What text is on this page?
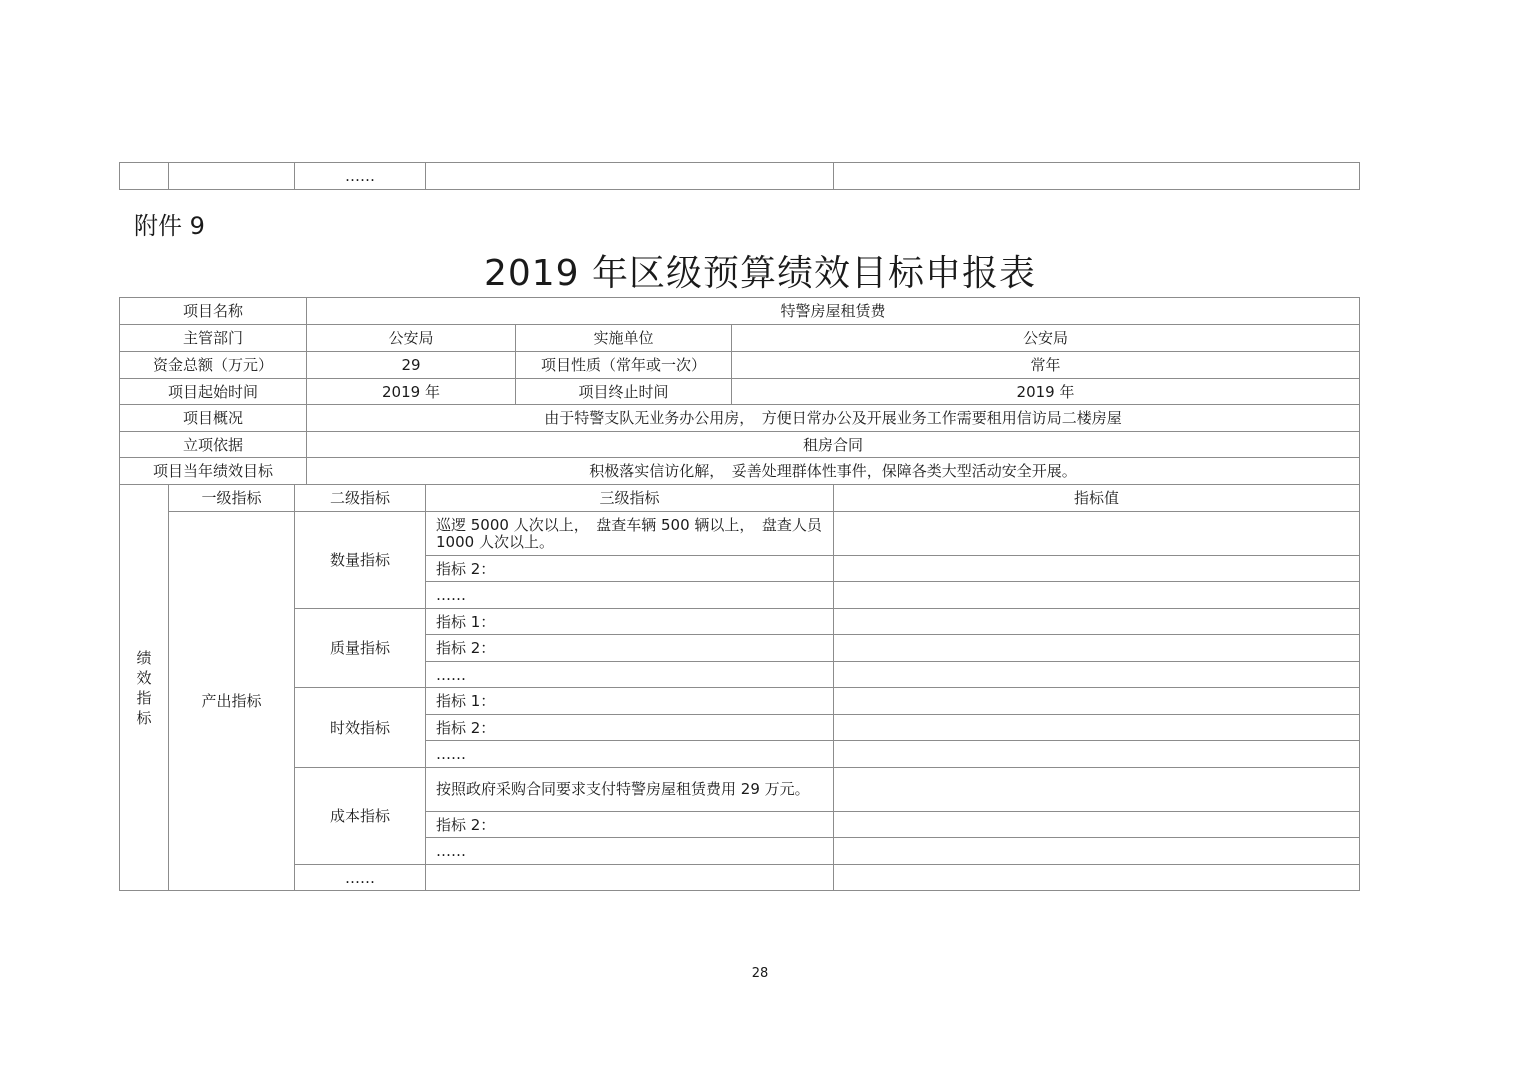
		……		
附件 9
2019 年区级预算绩效目标申报表
项目名称	特警房屋租赁费		
主管部门	公安局	实施单位	公安局
资金总额（万元）	29	项目性质（常年或一次）	常年
项目起始时间	2019 年	项目终止时间	2019 年
项目概况	由于特警支队无业务办公用房，　方便日常办公及开展业务工作需要租用信访局二楼房屋		
立项依据	租房合同		
项目当年绩效目标	积极落实信访化解，　妥善处理群体性事件，保障各类大型活动安全开展。		
绩
效
指
标	一级指标	二级指标	三级指标	指标值
	产出指标	数量指标	巡逻 5000 人次以上，　盘查车辆 500 辆以上，　盘查人员 1000 人次以上。	
			指标 2：	
			……	
		质量指标	指标 1：	
			指标 2：	
			……	
		时效指标	指标 1：	
			指标 2：	
			……	
		成本指标	按照政府采购合同要求支付特警房屋租赁费用 29 万元。	
			指标 2：	
			……	
		……		
28
